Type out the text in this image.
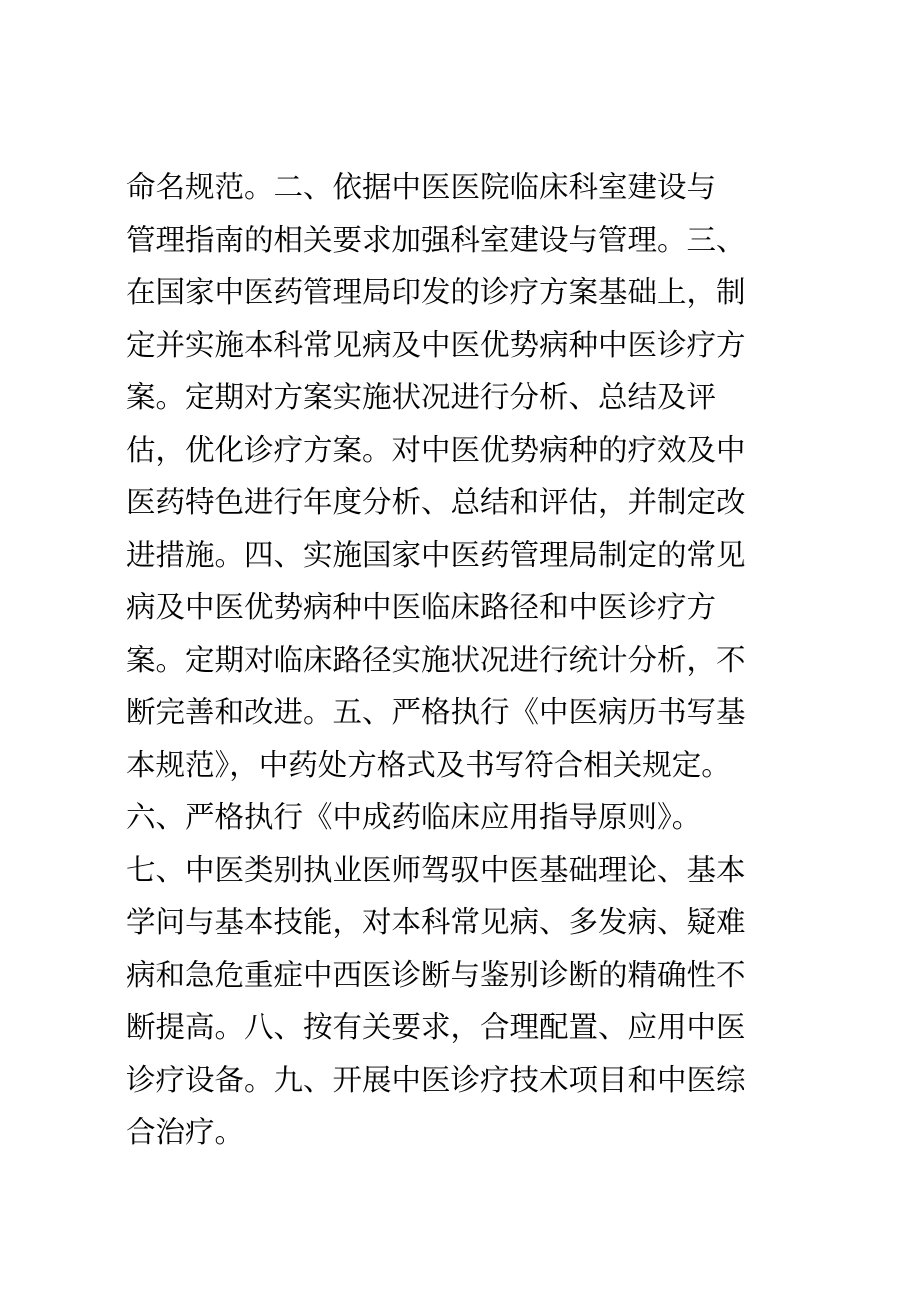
命名规范。二、依据中医医院临床科室建设与
管理指南的相关要求加强科室建设与管理。三、
在国家中医药管理局印发的诊疗方案基础上，制
定并实施本科常见病及中医优势病种中医诊疗方
案。定期对方案实施状况进行分析、总结及评
估，优化诊疗方案。对中医优势病种的疗效及中
医药特色进行年度分析、总结和评估，并制定改
进措施。四、实施国家中医药管理局制定的常见
病及中医优势病种中医临床路径和中医诊疗方
案。定期对临床路径实施状况进行统计分析，不
断完善和改进。五、严格执行《中医病历书写基
本规范》，中药处方格式及书写符合相关规定。
六、严格执行《中成药临床应用指导原则》。
七、中医类别执业医师驾驭中医基础理论、基本
学问与基本技能，对本科常见病、多发病、疑难
病和急危重症中西医诊断与鉴别诊断的精确性不
断提高。八、按有关要求，合理配置、应用中医
诊疗设备。九、开展中医诊疗技术项目和中医综
合治疗。
